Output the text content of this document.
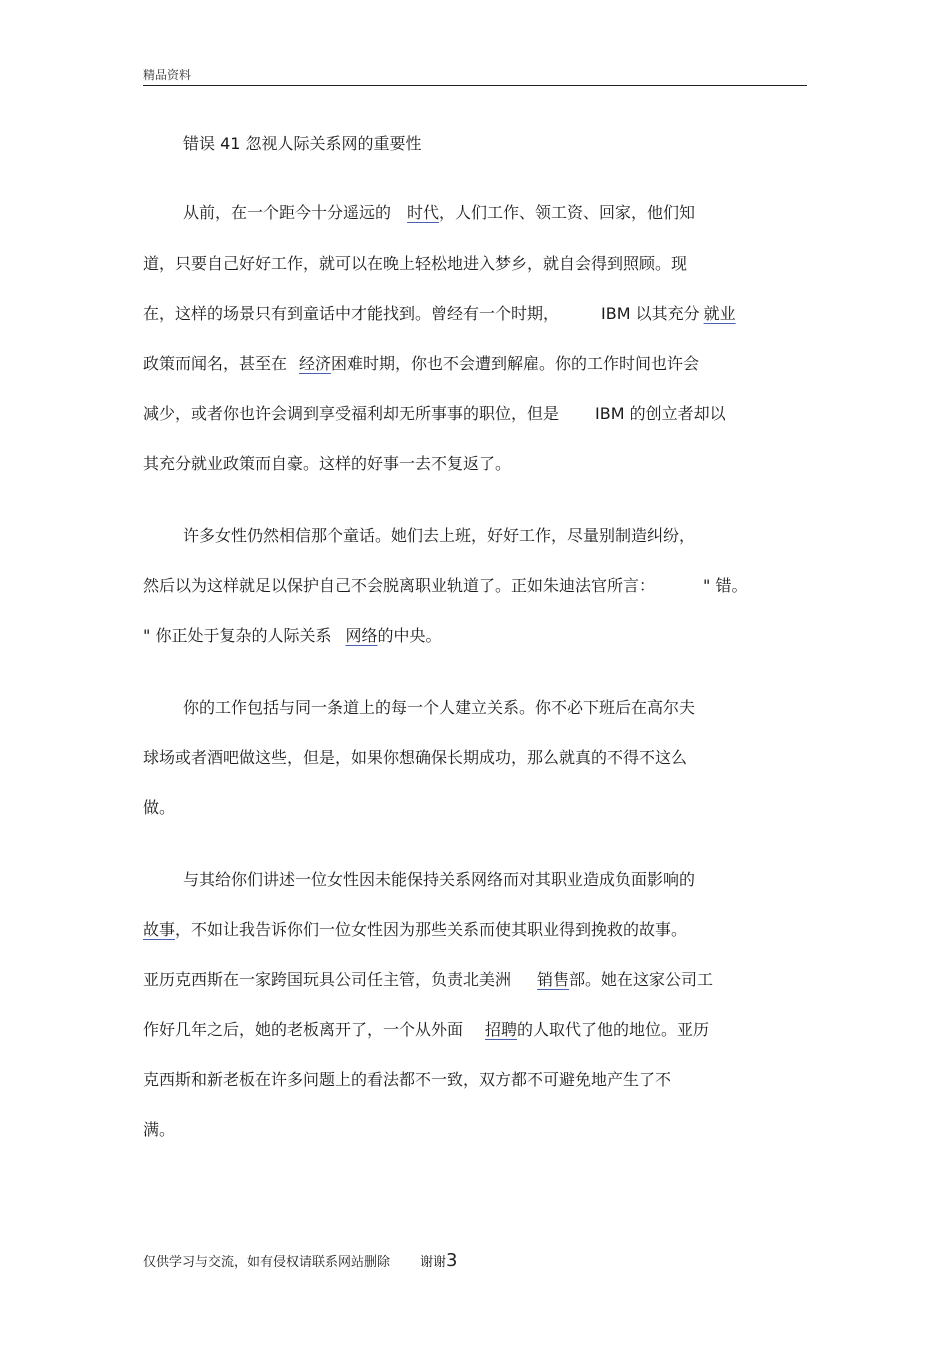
精品资料
错误 41 忽视人际关系网的重要性
从前，在一个距今十分遥远的 时代，人们工作、领工资、回家，他们知
道，只要自己好好工作，就可以在晚上轻松地进入梦乡，就自会得到照顾。现
在，这样的场景只有到童话中才能找到。曾经有一个时期，	IBM 以其充分 就业
政策而闻名，甚至在 经济困难时期，你也不会遭到解雇。你的工作时间也许会
减少，或者你也许会调到享受福利却无所事事的职位，但是 IBM 的创立者却以
其充分就业政策而自豪。这样的好事一去不复返了。
许多女性仍然相信那个童话。她们去上班，好好工作，尽量别制造纠纷，
然后以为这样就足以保护自己不会脱离职业轨道了。正如朱迪法官所言：	" 错。
" 你正处于复杂的人际关系 网络的中央。
你的工作包括与同一条道上的每一个人建立关系。你不必下班后在高尔夫
球场或者酒吧做这些，但是，如果你想确保长期成功，那么就真的不得不这么
做。
与其给你们讲述一位女性因未能保持关系网络而对其职业造成负面影响的
故事，不如让我告诉你们一位女性因为那些关系而使其职业得到挽救的故事。
亚历克西斯在一家跨国玩具公司任主管，负责北美洲 销售部。她在这家公司工
作好几年之后，她的老板离开了，一个从外面 招聘的人取代了他的地位。亚历
克西斯和新老板在许多问题上的看法都不一致，双方都不可避免地产生了不
满。
仅供学习与交流，如有侵权请联系网站删除 谢谢3
